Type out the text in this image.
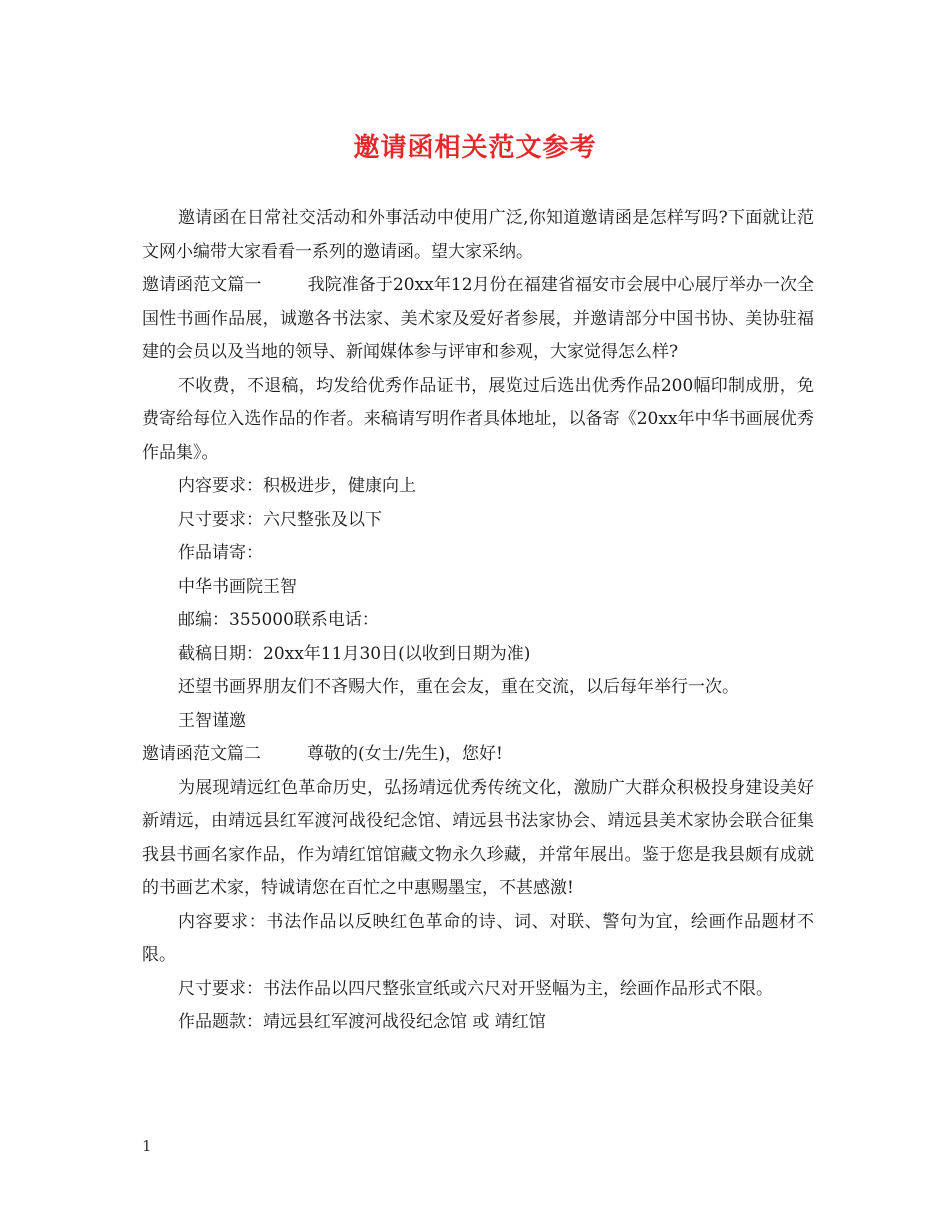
邀请函相关范文参考

邀请函在日常社交活动和外事活动中使用广泛,你知道邀请函是怎样写吗?下面就让范文网小编带大家看看一系列的邀请函。望大家采纳。

邀请函范文篇一	我院准备于20xx年12月份在福建省福安市会展中心展厅举办一次全国性书画作品展，诚邀各书法家、美术家及爱好者参展，并邀请部分中国书协、美协驻福建的会员以及当地的领导、新闻媒体参与评审和参观，大家觉得怎么样?

不收费，不退稿，均发给优秀作品证书，展览过后选出优秀作品200幅印制成册，免费寄给每位入选作品的作者。来稿请写明作者具体地址，以备寄《20xx年中华书画展优秀作品集》。

内容要求：积极进步，健康向上

尺寸要求：六尺整张及以下

作品请寄：

中华书画院王智

邮编：355000联系电话：

截稿日期：20xx年11月30日(以收到日期为准)

还望书画界朋友们不吝赐大作，重在会友，重在交流，以后每年举行一次。

王智谨邀

邀请函范文篇二	尊敬的(女士/先生)，您好!

为展现靖远红色革命历史，弘扬靖远优秀传统文化，激励广大群众积极投身建设美好新靖远，由靖远县红军渡河战役纪念馆、靖远县书法家协会、靖远县美术家协会联合征集我县书画名家作品，作为靖红馆馆藏文物永久珍藏，并常年展出。鉴于您是我县颇有成就的书画艺术家，特诚请您在百忙之中惠赐墨宝，不甚感激!

内容要求：书法作品以反映红色革命的诗、词、对联、警句为宜，绘画作品题材不限。

尺寸要求：书法作品以四尺整张宣纸或六尺对开竖幅为主，绘画作品形式不限。

作品题款：靖远县红军渡河战役纪念馆 或 靖红馆

1
